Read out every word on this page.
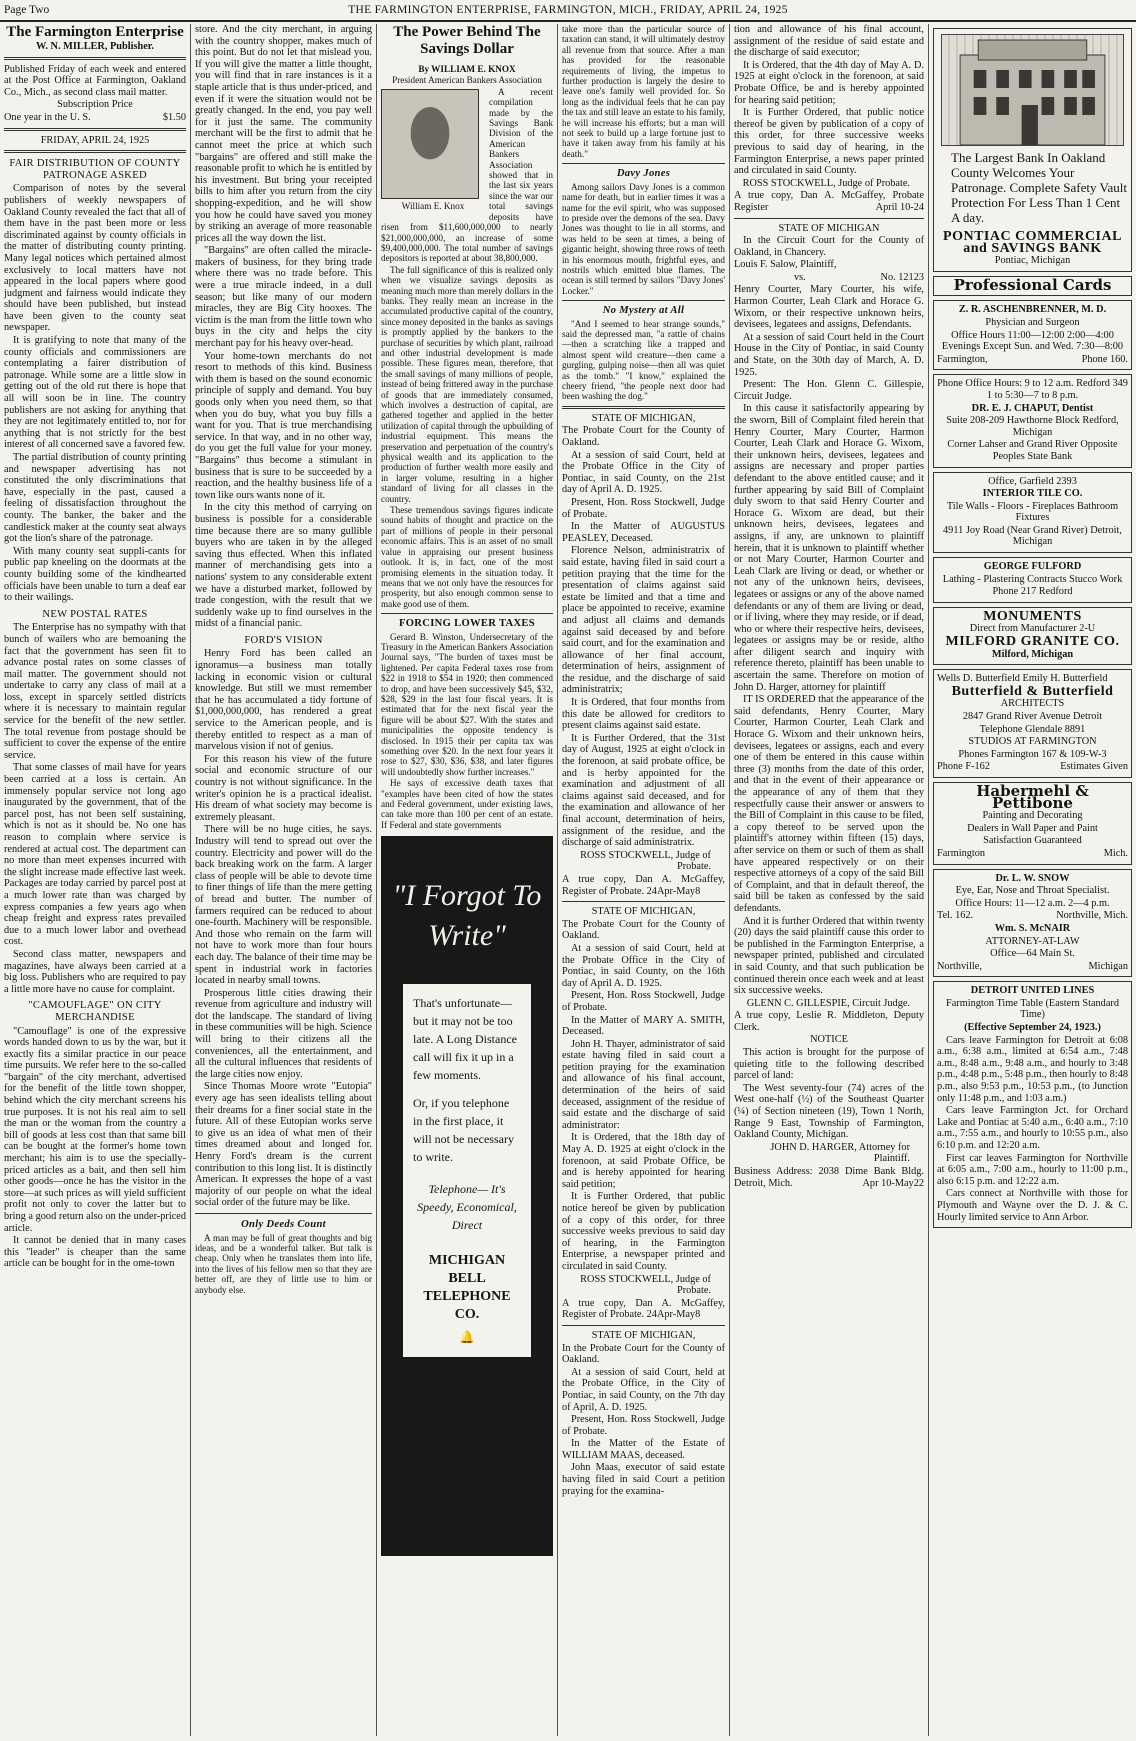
Page Two	THE FARMINGTON ENTERPRISE, FARMINGTON, MICH., FRIDAY, APRIL 24, 1925
The Farmington Enterprise

W. N. MILLER, Publisher.

Published Friday of each week and entered at the Post Office at Farmington, Oakland Co., Mich., as second class mail matter.

Subscription Price

One year in the U. S.	$1.50

FRIDAY, APRIL 24, 1925

FAIR DISTRIBUTION OF COUNTY PATRONAGE ASKED

Comparison of notes by the several publishers of weekly newspapers of Oakland County revealed the fact that all of them have in the past been more or less discriminated against by county officials in the matter of distributing county printing. Many legal notices which pertained almost exclusively to local matters have not appeared in the local papers where good judgment and fairness would indicate they should have been published, but instead have been given to the county seat newspaper.

It is gratifying to note that many of the county officials and commissioners are contemplating a fairer distribution of patronage. While some are a little slow in getting out of the old rut there is hope that all will soon be in line. The country publishers are not asking for anything that they are not legitimately entitled to, nor for anything that is not strictly for the best interest of all concerned save a favored few.

The partial distribution of county printing and newspaper advertising has not constituted the only discriminations that have, especially in the past, caused a feeling of dissatisfaction throughout the county. The banker, the baker and the candlestick maker at the county seat always got the lion's share of the patronage.

With many county seat suppli-cants for public pap kneeling on the doormats at the county building some of the kindhearted officials have been unable to turn a deaf ear to their wailings.

NEW POSTAL RATES

The Enterprise has no sympathy with that bunch of wailers who are bemoaning the fact that the government has seen fit to advance postal rates on some classes of mail matter. The government should not undertake to carry any class of mail at a loss, except in sparcely settled districts where it is necessary to maintain regular service for the benefit of the new settler. The total revenue from postage should be sufficient to cover the expense of the entire service.

That some classes of mail have for years been carried at a loss is certain. An immensely popular service not long ago inaugurated by the government, that of the parcel post, has not been self sustaining, which is not as it should be. No one has reason to complain where service is rendered at actual cost. The department can no more than meet expenses incurred with the slight increase made effective last week. Packages are today carried by parcel post at a much lower rate than was charged by express companies a few years ago when cheap freight and express rates prevailed due to a much lower labor and overhead cost.

Second class matter, newspapers and magazines, have always been carried at a big loss. Publishers who are required to pay a little more have no cause for complaint.

"CAMOUFLAGE" ON CITY MERCHANDISE

"Camouflage" is one of the expressive words handed down to us by the war, but it exactly fits a similar practice in our peace time pursuits. We refer here to the so-called "bargain" of the city merchant, advertised for the benefit of the little town shopper, behind which the city merchant screens his true purposes. It is not his real aim to sell the man or the woman from the country a bill of goods at less cost than that same bill can be bought at the former's home town merchant; his aim is to use the specially-priced articles as a bait, and then sell him other goods—once he has the visitor in the store—at such prices as will yield sufficient profit not only to cover the latter but to bring a good return also on the under-priced article.

It cannot be denied that in many cases this "leader" is cheaper than the same article can be bought for in the ome-town

store. And the city merchant, in arguing with the country shopper, makes much of this point. But do not let that mislead you. If you will give the matter a little thought, you will find that in rare instances is it a staple article that is thus under-priced, and even if it were the situation would not be greatly changed. In the end, you pay well for it just the same. The community merchant will be the first to admit that he cannot meet the price at which such "bargains" are offered and still make the reasonable profit to which he is entitled by his investment. But bring your receipted bills to him after you return from the city shopping-expedition, and he will show you how he could have saved you money by striking an average of more reasonable prices all the way down the list.

"Bargains" are often called the miracle-makers of business, for they bring trade where there was no trade before. This were a true miracle indeed, in a dull season; but like many of our modern miracles, they are Big City hooxes. The victim is the man from the little town who buys in the city and helps the city merchant pay for his heavy over-head.

Your home-town merchants do not resort to methods of this kind. Business with them is based on the sound economic principle of supply and demand. You buy goods only when you need them, so that when you do buy, what you buy fills a want for you. That is true merchandising service. In that way, and in no other way, do you get the full value for your money. "Bargains" thus become a stimulant in business that is sure to be succeeded by a reaction, and the healthy business life of a town like ours wants none of it.

In the city this method of carrying on business is possible for a considerable time because there are so many gullible buyers who are taken in by the alleged saving thus effected. When this inflated manner of merchandising gets into a nations' system to any considerable extent we have a disturbed market, followed by trade congestion, with the result that we suddenly wake up to find ourselves in the midst of a financial panic.

FORD'S VISION

Henry Ford has been called an ignoramus—a business man totally lacking in economic vision or cultural knowledge. But still we must remember that he has accumulated a tidy fortune of $1,000,000,000, has rendered a great service to the American people, and is thereby entitled to respect as a man of marvelous vision if not of genius.

For this reason his view of the future social and economic structure of our country is not without significance. In the writer's opinion he is a practical idealist. His dream of what society may become is extremely pleasant.

There will be no huge cities, he says. Industry will tend to spread out over the country. Electricity and power will do the back breaking work on the farm. A larger class of people will be able to devote time to finer things of life than the mere getting of bread and butter. The number of farmers required can be reduced to about one-fourth. Machinery will be responsible. And those who remain on the farm will not have to work more than four hours each day. The balance of their time may be spent in industrial work in factories located in nearby small towns.

Prosperous little cities drawing their revenue from agriculture and industry will dot the landscape. The standard of living in these communities will be high. Science will bring to their citizens all the conveniences, all the entertainment, and all the cultural influences that residents of the large cities now enjoy.

Since Thomas Moore wrote "Eutopia" every age has seen idealists telling about their dreams for a finer social state in the future. All of these Eutopian works serve to give us an idea of what men of their times dreamed about and longed for. Henry Ford's dream is the current contribution to this long list. It is distinctly American. It expresses the hope of a vast majority of our people on what the ideal social order of the future may be like.

Only Deeds Count

A man may be full of great thoughts and big ideas, and be a wonderful talker. But talk is cheap. Only when he translates them into life, into the lives of his fellow men so that they are better off, are they of little use to him or anybody else.

The Power Behind The Savings Dollar

By WILLIAM E. KNOX

President American Bankers Association

William E. Knox

A recent compilation made by the Savings Bank Division of the American Bankers Association showed that in the last six years since the war our total savings deposits have risen from $11,600,000,000 to nearly $21,000,000,000, an increase of some $9,400,000,000. The total number of savings depositors is reported at about 38,800,000.

The full significance of this is realized only when we visualize savings deposits as meaning much more than merely dollars in the banks. They really mean an increase in the accumulated productive capital of the country, since money deposited in the banks as savings is promptly applied by the bankers to the purchase of securities by which plant, railroad and other industrial development is made possible. These figures mean, therefore, that the small savings of many millions of people, instead of being frittered away in the purchase of goods that are immediately consumed, which involves a destruction of capital, are gathered together and applied in the better utilization of capital through the upbuilding of industrial equipment. This means the preservation and perpetuation of the country's physical wealth and its application to the production of further wealth more easily and in larger volume, resulting in a higher standard of living for all classes in the country.

These tremendous savings figures indicate sound habits of thought and practice on the part of millions of people in their personal economic affairs. This is an asset of no small value in appraising our present business outlook. It is, in fact, one of the most promising elements in the situation today. It means that we not only have the resources for prosperity, but also enough common sense to make good use of them.

FORCING LOWER TAXES

Gerard B. Winston, Undersecretary of the Treasury in the American Bankers Association Journal says, "The burden of taxes must be lightened. Per capita Federal taxes rose from $22 in 1918 to $54 in 1920; then commenced to drop, and have been successively $45, $32, $28, $29 in the last four fiscal years. It is estimated that for the next fiscal year the figure will be about $27. With the states and municipalities the opposite tendency is disclosed. In 1915 their per capita tax was something over $20. In the next four years it rose to $27, $30, $36, $38, and later figures will undoubtedly show further increases."

He says of excessive death taxes that "examples have been cited of how the states and Federal government, under existing laws, can take more than 100 per cent of an estate. If Federal and state governments

"I Forgot To Write"

That's unfortunate—but it may not be too late. A Long Distance call will fix it up in a few moments.

Or, if you telephone in the first place, it will not be necessary to write.

Telephone— It's Speedy, Economical, Direct

MICHIGAN BELL TELEPHONE CO.

🔔

take more than the particular source of taxation can stand, it will ultimately destroy all revenue from that source. After a man has provided for the reasonable requirements of living, the impetus to further production is largely the desire to leave one's family well provided for. So long as the individual feels that he can pay the tax and still leave an estate to his family, he will increase his efforts; but a man will not seek to build up a large fortune just to have it taken away from his family at his death."

Davy Jones

Among sailors Davy Jones is a common name for death, but in earlier times it was a name for the evil spirit, who was supposed to preside over the demons of the sea. Davy Jones was thought to lie in all storms, and was held to be seen at times, a being of gigantic height, showing three rows of teeth in his enormous mouth, frightful eyes, and nostrils which emitted blue flames. The ocean is still termed by sailors "Davy Jones' Locker."

No Mystery at All

"And I seemed to hear strange sounds," said the depressed man, "a rattle of chains—then a scratching like a trapped and almost spent wild creature—then came a gurgling, gulping noise—then all was quiet as the tomb." "I know," explained the cheery friend, "the people next door had been washing the dog."

STATE OF MICHIGAN,

The Probate Court for the County of Oakland.

At a session of said Court, held at the Probate Office in the City of Pontiac, in said County, on the 21st day of April A. D. 1925.

Present, Hon. Ross Stockwell, Judge of Probate.

In the Matter of AUGUSTUS PEASLEY, Deceased.

Florence Nelson, administratrix of said estate, having filed in said court a petition praying that the time for the presentation of claims against said estate be limited and that a time and place be appointed to receive, examine and adjust all claims and demands against said deceased by and before said court, and for the examination and allowance of her final account, determination of heirs, assignment of the residue, and the discharge of said administratrix;

It is Ordered, that four months from this date be allowed for creditors to present claims against said estate.

It is Further Ordered, that the 31st day of August, 1925 at eight o'clock in the forenoon, at said probate office, be and is herby appointed for the examination and adjustment of all claims against said deceased, and for the examination and allowance of her final account, determination of heirs, assignment of the residue, and the discharge of said administratrix.

ROSS STOCKWELL, Judge of Probate.

A true copy, Dan A. McGaffey, Register of Probate. 24Apr-May8

STATE OF MICHIGAN,

The Probate Court for the County of Oakland.

At a session of said Court, held at the Probate Office in the City of Pontiac, in said County, on the 16th day of April A. D. 1925.

Present, Hon. Ross Stockwell, Judge of Probate.

In the Matter of MARY A. SMITH, Deceased.

John H. Thayer, administrator of said estate having filed in said court a petition praying for the examination and allowance of his final account, determination of the heirs of said deceased, assignment of the residue of said estate and the discharge of said administrator:

It is Ordered, that the 18th day of May A. D. 1925 at eight o'clock in the forenoon, at said Probate Office, be and is hereby appointed for hearing said petition;

It is Further Ordered, that public notice hereof be given by publication of a copy of this order, for three successive weeks previous to said day of hearing, in the Farmington Enterprise, a newspaper printed and circulated in said County.

ROSS STOCKWELL, Judge of Probate.

A true copy, Dan A. McGaffey, Register of Probate. 24Apr-May8

STATE OF MICHIGAN,

In the Probate Court for the County of Oakland.

At a session of said Court, held at the Probate Office, in the City of Pontiac, in said County, on the 7th day of April, A. D. 1925.

Present, Hon. Ross Stockwell, Judge of Probate.

In the Matter of the Estate of WILLIAM MAAS, deceased.

John Maas, executor of said estate having filed in said Court a petition praying for the examina-

tion and allowance of his final account, assignment of the residue of said estate and the discharge of said executor;

It is Ordered, that the 4th day of May A. D. 1925 at eight o'clock in the forenoon, at said Probate Office, be and is hereby appointed for hearing said petition;

It is Further Ordered, that public notice thereof be given by publication of a copy of this order, for three successive weeks previous to said day of hearing, in the Farmington Enterprise, a news paper printed and circulated in said County.

ROSS STOCKWELL, Judge of Probate.

A true copy, Dan A. McGaffey, Probate Register	April 10-24

STATE OF MICHIGAN

In the Circuit Court for the County of Oakland, in Chancery.

Louis F. Salow, Plaintiff,

vs.	No. 12123

Henry Courter, Mary Courter, his wife, Harmon Courter, Leah Clark and Horace G. Wixom, or their respective unknown heirs, devisees, legatees and assigns, Defendants.

At a session of said Court held in the Court House in the City of Pontiac, in said County and State, on the 30th day of March, A. D. 1925.

Present: The Hon. Glenn C. Gillespie, Circuit Judge.

In this cause it satisfactorily appearing by the sworn, Bill of Complaint filed herein that Henry Courter, Mary Courter, Harmon Courter, Leah Clark and Horace G. Wixom, their unknown heirs, devisees, legatees and assigns are necessary and proper parties defendant to the above entitled cause; and it further appearing by said Bill of Complaint duly sworn to that said Henry Courter and Horace G. Wixom are dead, but their unknown heirs, devisees, legatees and assigns, if any, are unknown to plaintiff herein, that it is unknown to plaintiff whether or not Mary Courter, Harmon Courter and Leah Clark are living or dead, or whether or not any of the unknown heirs, devisees, legatees or assigns or any of the above named defendants or any of them are living or dead, or if living, where they may reside, or if dead, who or where their respective heirs, devisees, legatees or assigns may be or reside, altho after diligent search and inquiry with reference thereto, plaintiff has been unable to ascertain the same. Therefore on motion of John D. Harger, attorney for plaintiff

IT IS ORDERED that the appearance of the said defendants, Henry Courter, Mary Courter, Harmon Courter, Leah Clark and Horace G. Wixom and their unknown heirs, devisees, legatees or assigns, each and every one of them be entered in this cause within three (3) months from the date of this order, and that in the event of their appearance or the appearance of any of them that they respectfully cause their answer or answers to the Bill of Complaint in this cause to be filed, a copy thereof to be served upon the plaintiff's attorney within fifteen (15) days, after service on them or such of them as shall have appeared respectively or on their respective attorneys of a copy of the said Bill of Complaint, and that in default thereof, the said bill be taken as confessed by the said defendants.

And it is further Ordered that within twenty (20) days the said plaintiff cause this order to be published in the Farmington Enterprise, a newspaper printed, published and circulated in said County, and that such publication be continued therein once each week and at least six successive weeks.

GLENN C. GILLESPIE, Circuit Judge.

A true copy, Leslie R. Middleton, Deputy Clerk.

NOTICE

This action is brought for the purpose of quieting title to the following described parcel of land:

The West seventy-four (74) acres of the West one-half (½) of the Southeast Quarter (¼) of Section nineteen (19), Town 1 North, Range 9 East, Township of Farmington, Oakland County, Michigan.

JOHN D. HARGER, Attorney for Plaintiff.

Business Address: 2038 Dime Bank Bldg. Detroit, Mich.	Apr 10-May22

The Largest Bank In Oakland County Welcomes Your Patronage. Complete Safety Vault Protection For Less Than 1 Cent A day.

PONTIAC COMMERCIAL and SAVINGS BANK

Pontiac, Michigan

Professional Cards

Z. R. ASCHENBRENNER, M. D.

Physician and Surgeon

Office Hours 11:00—12:00 2:00—4:00 Evenings Except Sun. and Wed. 7:30—8:00

Farmington,	Phone 160.

Phone Office Hours: 9 to 12 a.m. Redford 349 1 to 5:30—7 to 8 p.m.

DR. E. J. CHAPUT, Dentist

Suite 208-209 Hawthorne Block Redford, Michigan

Corner Lahser and Grand River Opposite Peoples State Bank

Office, Garfield 2393

INTERIOR TILE CO.

Tile Walls - Floors - Fireplaces Bathroom Fixtures

4911 Joy Road (Near Grand River) Detroit, Michigan

GEORGE FULFORD

Lathing - Plastering Contracts Stucco Work

Phone 217 Redford

MONUMENTS

Direct from Manufacturer 2-U

MILFORD GRANITE CO.

Milford, Michigan

Wells D. Butterfield Emily H. Butterfield

Butterfield & Butterfield

ARCHITECTS

2847 Grand River Avenue Detroit

Telephone Glendale 8891

STUDIOS AT FARMINGTON

Phones Farmington 167 & 109-W-3

Phone F-162	Estimates Given

Habermehl & Pettibone

Painting and Decorating

Dealers in Wall Paper and Paint

Satisfaction Guaranteed

Farmington	Mich.

Dr. L. W. SNOW

Eye, Ear, Nose and Throat Specialist.

Office Hours: 11—12 a.m. 2—4 p.m.

Tel. 162.	Northville, Mich.

Wm. S. McNAIR

ATTORNEY-AT-LAW

Office—64 Main St.

Northville,	Michigan

DETROIT UNITED LINES

Farmington Time Table (Eastern Standard Time)

(Effective September 24, 1923.)

Cars leave Farmington for Detroit at 6:08 a.m., 6:38 a.m., limited at 6:54 a.m., 7:48 a.m., 8:48 a.m., 9:48 a.m., and hourly to 3:48 p.m., 4:48 p.m., 5:48 p.m., then hourly to 8:48 p.m., also 9:53 p.m., 10:53 p.m., (to Junction only 11:48 p.m., and 1:03 a.m.)

Cars leave Farmington Jct. for Orchard Lake and Pontiac at 5:40 a.m., 6:40 a.m., 7:10 a.m., 7:55 a.m., and hourly to 10:55 p.m., also 6:10 p.m. and 12:20 a.m.

First car leaves Farmington for Northville at 6:05 a.m., 7:00 a.m., hourly to 11:00 p.m., also 6:15 p.m. and 12:22 a.m.

Cars connect at Northville with those for Plymouth and Wayne over the D. J. & C. Hourly limited service to Ann Arbor.
